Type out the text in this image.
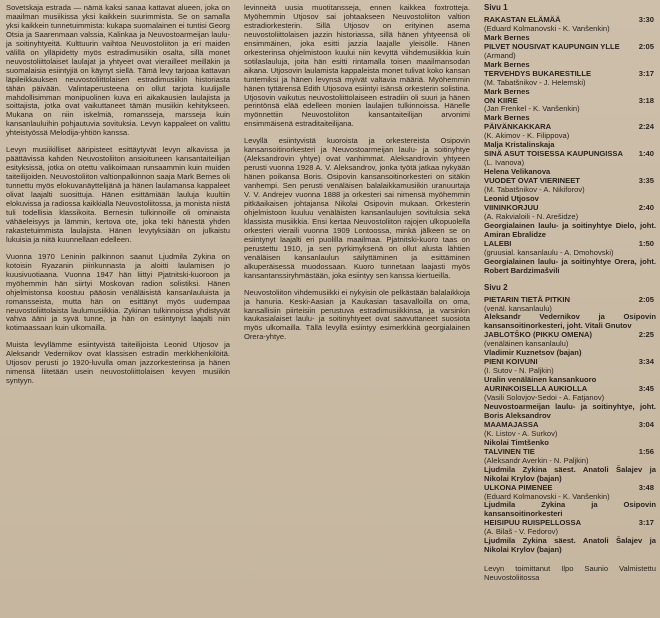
Sovetskaja estrada — nämä kaksi sanaa kattavat alueen, joka on maailman musiikissa yksi kaikkein suurimmista. Se on samalla yksi kaikkein tunnetuimmista: kukapa suomalainen ei tuntisi Georg Otsia ja Saarenmaan valssia, Kalinkaa ja Neuvostoarmeijan laulu- ja soitinyhtyeitä. Kulttuurin vaihtoa Neuvostoliiton ja eri maiden välillä on ylläpidetty myös estradimusiikin osalta, sillä monet neuvostoliittolaiset laulajat ja yhtyeet ovat vierailleet meilläkin ja suomalaisia esiintyjiä on käynyt siellä. Tämä levy tarjoaa kattavan läpileikkauksen neuvostoliittolaisen estradimusiikin historiasta tähän päivään. Valintaperusteena on ollut tarjota kuulijalle mahdollisimman monipuolinen kuva eri aikakausien laulajista ja soittajista, jotka ovat vaikuttaneet tämän musiikin kehitykseen. Mukana on niin iskelmiä, romansseja, marsseja kuin kansanlauluihin pohjautuvia sovituksia. Levyn kappaleet on valittu yhteistyössä Melodija-yhtiön kanssa.

Levyn musiikilliset ääripisteet esittäytyvät levyn alkavissa ja päättävissä kahden Neuvostoliiton ansioituneen kansantaiteilijan esityksissä, jotka on otettu valikoimaan runsaammin kuin muiden taiteilijoiden. Neuvostoliiton valtionpalkinnon saaja Mark Bernes oli tunnettu myös elokuvanäyttelijänä ja hänen laulamansa kappaleet olivat laajalti suosittuja. Hänen esittämiään lauluja kuultiin elokuvissa ja radiossa kaikkialla Neuvostoliitossa, ja monista niistä tuli todellisia klassikoita. Bernesin tulkinnoille oli ominaista vähäeleisyys ja lämmin, kertova ote, joka teki hänestä yhden rakastetuimmista laulajista. Hänen levytyksiään on julkaistu lukuisia ja niitä kuunnellaan edelleen.

Vuonna 1970 Leninin palkinnon saanut Ljudmila Zykina on kotoisin Ryazanin piirikunnasta ja aloitti laulamisen jo kuusivuotiaana. Vuonna 1947 hän liittyi Pjatnitski-kuoroon ja myöhemmin hän siirtyi Moskovan radion solistiksi. Hänen ohjelmistonsa koostuu pääosin venäläisistä kansanlauluista ja romansseista, mutta hän on esittänyt myös uudempaa neuvostoliittolaista laulumusiikkia. Zykinan tulkinnoissa yhdistyvät vahva ääni ja syvä tunne, ja hän on esiintynyt laajalti niin kotimaassaan kuin ulkomailla.

Muista levyllämme esiintyvistä taiteilijoista Leonid Utjosov ja Aleksandr Vedernikov ovat klassisen estradin merkkihenkilöitä. Utjosov perusti jo 1920-luvulla oman jazzorkesterinsa ja hänen nimensä liitetään usein neuvostoliittolaisen kevyen musiikin syntyyn.

levinneitä uusia muotitansseja, ennen kaikkea foxtrotteja. Myöhemmin Utjosov sai johtaakseen Neuvostoliiton valtion estradiorkesterin. Sillä Utjosov on erityinen asema neuvostoliittolaisen jazzin historiassa, sillä hänen yhtyeensä oli ensimmäinen, joka esitti jazzia laajalle yleisölle. Hänen orkesterinsa ohjelmistoon kuului niin kevyttä viihdemusiikkia kuin sotilaslauluja, joita hän esitti rintamalla toisen maailmansodan aikana. Utjosovin laulamista kappaleista monet tulivat koko kansan tuntemiksi ja hänen levynsä myivät valtavia määriä. Myöhemmin hänen tyttärensä Edith Utjosova esiintyi isänsä orkesterin solistina. Utjosovin vaikutus neuvostoliittolaiseen estradiin oli suuri ja hänen perintönsä elää edelleen monien laulajien tulkinnoissa. Hänelle myönnettiin Neuvostoliiton kansantaiteilijan arvonimi ensimmäisenä estraditaiteilijana.

Levyllä esiintyvistä kuoroista ja orkestereista Osipovin kansansoitinorkesteri ja Neuvostoarmeijan laulu- ja soitinyhtye (Aleksandrovin yhtye) ovat vanhimmat. Aleksandrovin yhtyeen perusti vuonna 1928 A. V. Aleksandrov, jonka työtä jatkaa nykyään hänen poikansa Boris. Osipovin kansansoitinorkesteri on sitäkin vanhempi. Sen perusti venäläisen balalaikkamusiikin uranuurtaja V. V. Andrejev vuonna 1888 ja orkesteri sai nimensä myöhemmin pitkäaikaisen johtajansa Nikolai Osipovin mukaan. Orkesterin ohjelmistoon kuuluu venäläisten kansanlaulujen sovituksia sekä klassista musiikkia. Ensi kertaa Neuvostoliiton rajojen ulkopuolella orkesteri vieraili vuonna 1909 Lontoossa, minkä jälkeen se on esiintynyt laajalti eri puolilla maailmaa. Pjatnitski-kuoro taas on perustettu 1910, ja sen pyrkimyksenä on ollut alusta lähtien venäläisen kansanlaulun säilyttäminen ja esittäminen alkuperäisessä muodossaan. Kuoro tunnetaan laajasti myös kansantanssiryhmästään, joka esiintyy sen kanssa kiertueilla.

Neuvostoliiton vihdemusiikki ei nykyisin ole pelkästään balalaikkoja ja hanuria. Keski-Aasian ja Kaukasian tasavalloilla on oma, kansallisiin piirteisiin perustuva estradimusiikkinsa, ja varsinkin kaukasialaiset laulu- ja soitinyhtyeet ovat saavuttaneet suosiota myös ulkomailla. Tällä levyllä esiintyy esimerkkinä georgialainen Orera-yhtye.

Sivu 1
RAKASTAN ELÄMÄÄ	3:30
(Eduard Kolmanovski - K. Vanšenkin)
Mark Bernes
PILVET NOUSIVAT KAUPUNGIN YLLE	2:05
(Armand)
Mark Bernes
TERVEHDYS BUKARESTILLE	3:17
(M. Tabatšnikov - J. Helemski)
Mark Bernes
ON KIIRE	3:18
(Jan Frenkel - K. Vanšenkin)
Mark Bernes
PÄIVÄNKAKKARA	2:24
(K. Akimov - K. Filippova)
Malja Kristalinskaja
SINÄ ASUT TOISESSA KAUPUNGISSA 1:40
(L. Ivanova)
Helena Velikanova
VUODET OVAT VIERINEET	3:35
(M. Tabatšnikov - A. Nikiforov)
Leonid Utjosov
VIININKORJUU	2:40
(A. Rakvialoili - N. Arešidze)
Georgialainen laulu- ja soitinyhtye Dielo, joht. Amiran Ebralidze
LALEBI	1:50
(gruusial. kansanlaulu - A. Dmohovski)
Georgialainen laulu- ja soitinyhtye Orera, joht. Robert Bardzimašvili
Sivu 2
PIETARIN TIETÄ PITKIN	2:05
(venäl. kansanlaulu)
Aleksandr Vedernikov ja Osipovin kansansoitinorkesteri, joht. Vitali Gnutov
JABLOTŠKO (PIKKU OMENA)	2:25
(venäläinen kansanlaulu)
Vladimir Kuznetsov (bajan)
PIENI KOIVUNI	3:34
(I. Sutov - N. Paljkin)
Uralin venäläinen kansankuoro
AURINKOISELLA AUKIOLLA	3:45
(Vasili Solovjov-Sedoi - A. Fatjanov)
Neuvostoarmeijan laulu- ja soitinyhtye, joht. Boris Aleksandrov
MAAMAJASSA	3:04
(K. Listov - A. Surkov)
Nikolai Timtšenko
TALVINEN TIE	1:56
(Aleksandr Averkin - N. Paljkin)
Ljudmila Zykina säest. Anatoli Šalajev ja Nikolai Krylov (bajan)
ULKONA PIMENEE	3:48
(Eduard Kolmanovski - K. Vanšenkin)
Ljudmila Zykina ja Osipovin kansansoitinorkesteri
HEISIPUU RUISPELLOSSA	3:17
(A. Bilaš - V. Fedorov)
Ljudmila Zykina säest. Anatoli Šalajev ja Nikolai Krylov (bajan)
Levyn toimittanut Ilpo Saunio Valmistettu Neuvostoliitossa
